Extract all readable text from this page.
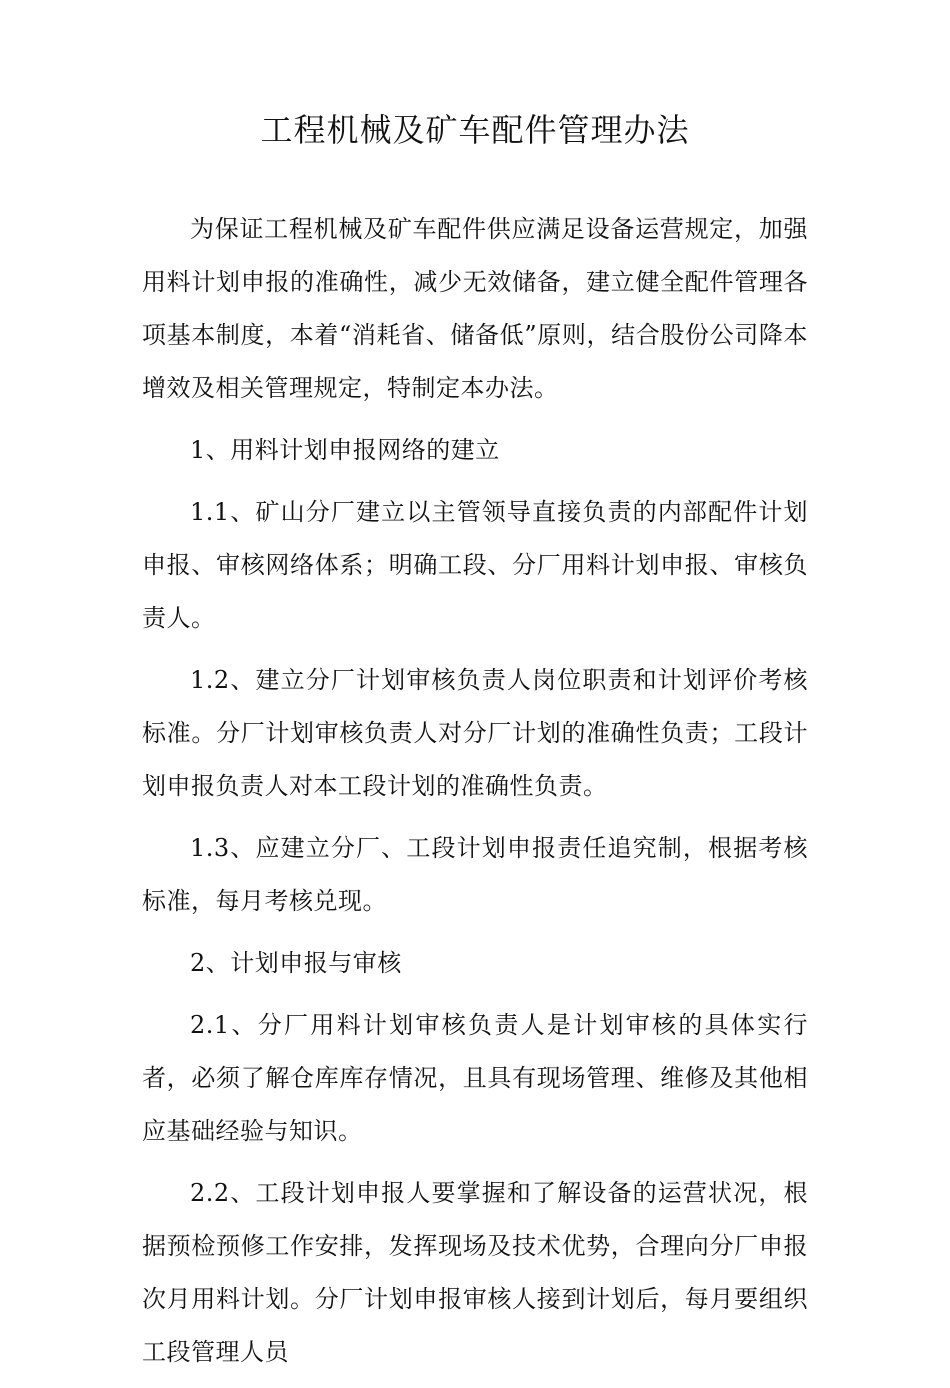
工程机械及矿车配件管理办法

为保证工程机械及矿车配件供应满足设备运营规定，加强用料计划申报的准确性，减少无效储备，建立健全配件管理各项基本制度，本着“消耗省、储备低”原则，结合股份公司降本增效及相关管理规定，特制定本办法。

1、用料计划申报网络的建立

1.1、矿山分厂建立以主管领导直接负责的内部配件计划申报、审核网络体系；明确工段、分厂用料计划申报、审核负责人。

1.2、建立分厂计划审核负责人岗位职责和计划评价考核标准。分厂计划审核负责人对分厂计划的准确性负责；工段计划申报负责人对本工段计划的准确性负责。

1.3、应建立分厂、工段计划申报责任追究制，根据考核标准，每月考核兑现。

2、计划申报与审核

2.1、分厂用料计划审核负责人是计划审核的具体实行者，必须了解仓库库存情况，且具有现场管理、维修及其他相应基础经验与知识。

2.2、工段计划申报人要掌握和了解设备的运营状况，根据预检预修工作安排，发挥现场及技术优势，合理向分厂申报次月用料计划。分厂计划申报审核人接到计划后，每月要组织工段管理人员
